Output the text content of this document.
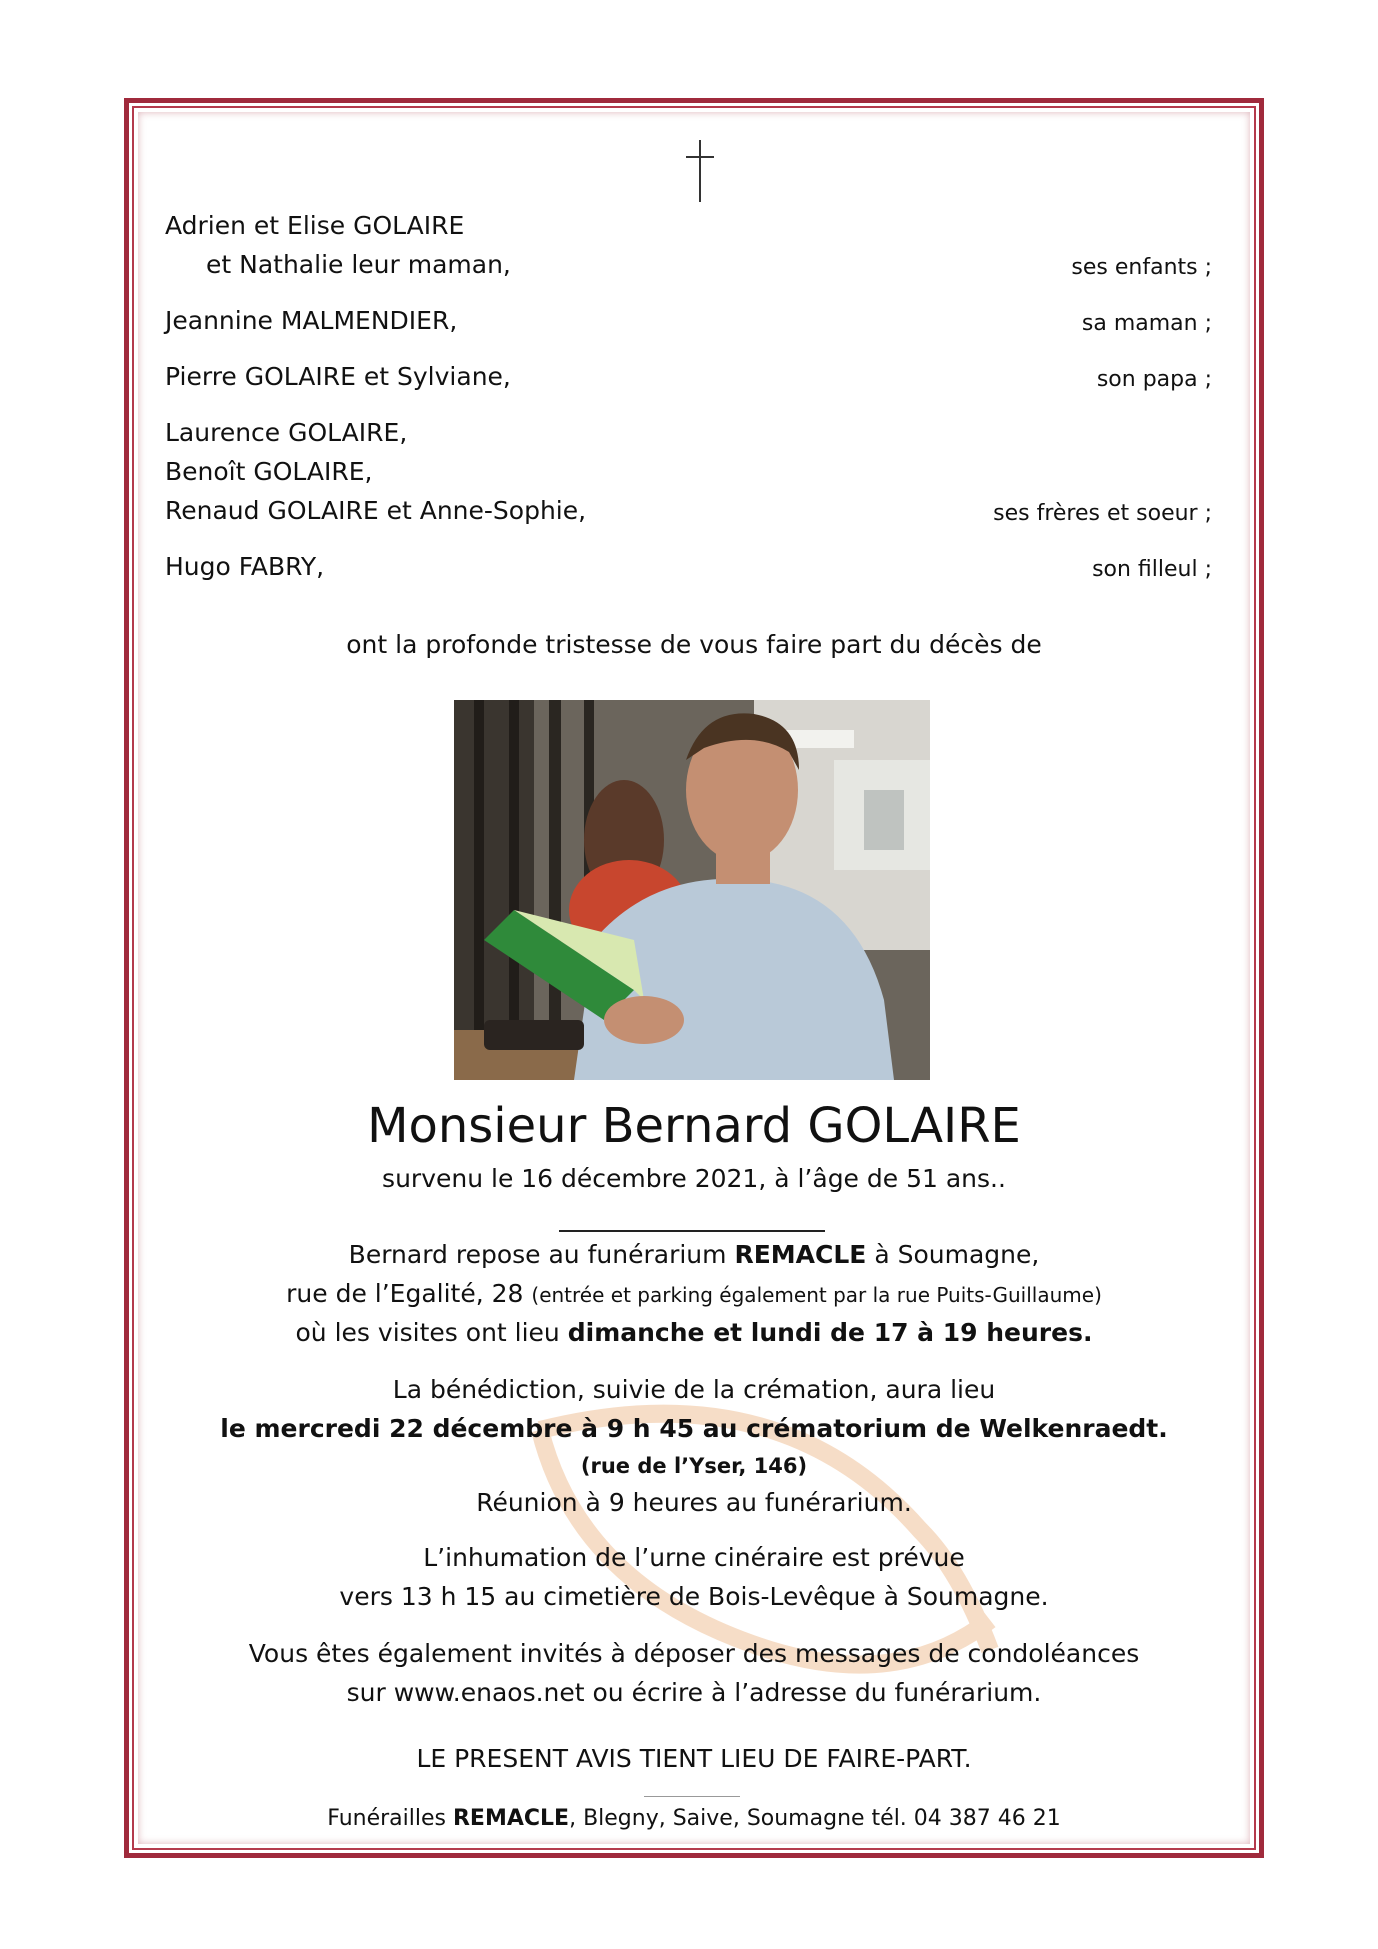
Adrien et Elise GOLAIRE
et Nathalie leur maman,	ses enfants ;
Jeannine MALMENDIER,	sa maman ;
Pierre GOLAIRE et Sylviane,	son papa ;
Laurence GOLAIRE,
Benoît GOLAIRE,
Renaud GOLAIRE et Anne-Sophie,	ses frères et soeur ;
Hugo FABRY,	son filleul ;
ont la profonde tristesse de vous faire part du décès de
Monsieur Bernard GOLAIRE
survenu le 16 décembre 2021, à l’âge de 51 ans..
Bernard repose au funérarium REMACLE à Soumagne,
rue de l’Egalité, 28 (entrée et parking également par la rue Puits-Guillaume)
où les visites ont lieu dimanche et lundi de 17 à 19 heures.
La bénédiction, suivie de la crémation, aura lieu
le mercredi 22 décembre à 9 h 45 au crématorium de Welkenraedt.
(rue de l’Yser, 146)
Réunion à 9 heures au funérarium.
L’inhumation de l’urne cinéraire est prévue
vers 13 h 15 au cimetière de Bois-Levêque à Soumagne.
Vous êtes également invités à déposer des messages de condoléances
sur www.enaos.net ou écrire à l’adresse du funérarium.
LE PRESENT AVIS TIENT LIEU DE FAIRE-PART.
Funérailles REMACLE, Blegny, Saive, Soumagne tél. 04 387 46 21
